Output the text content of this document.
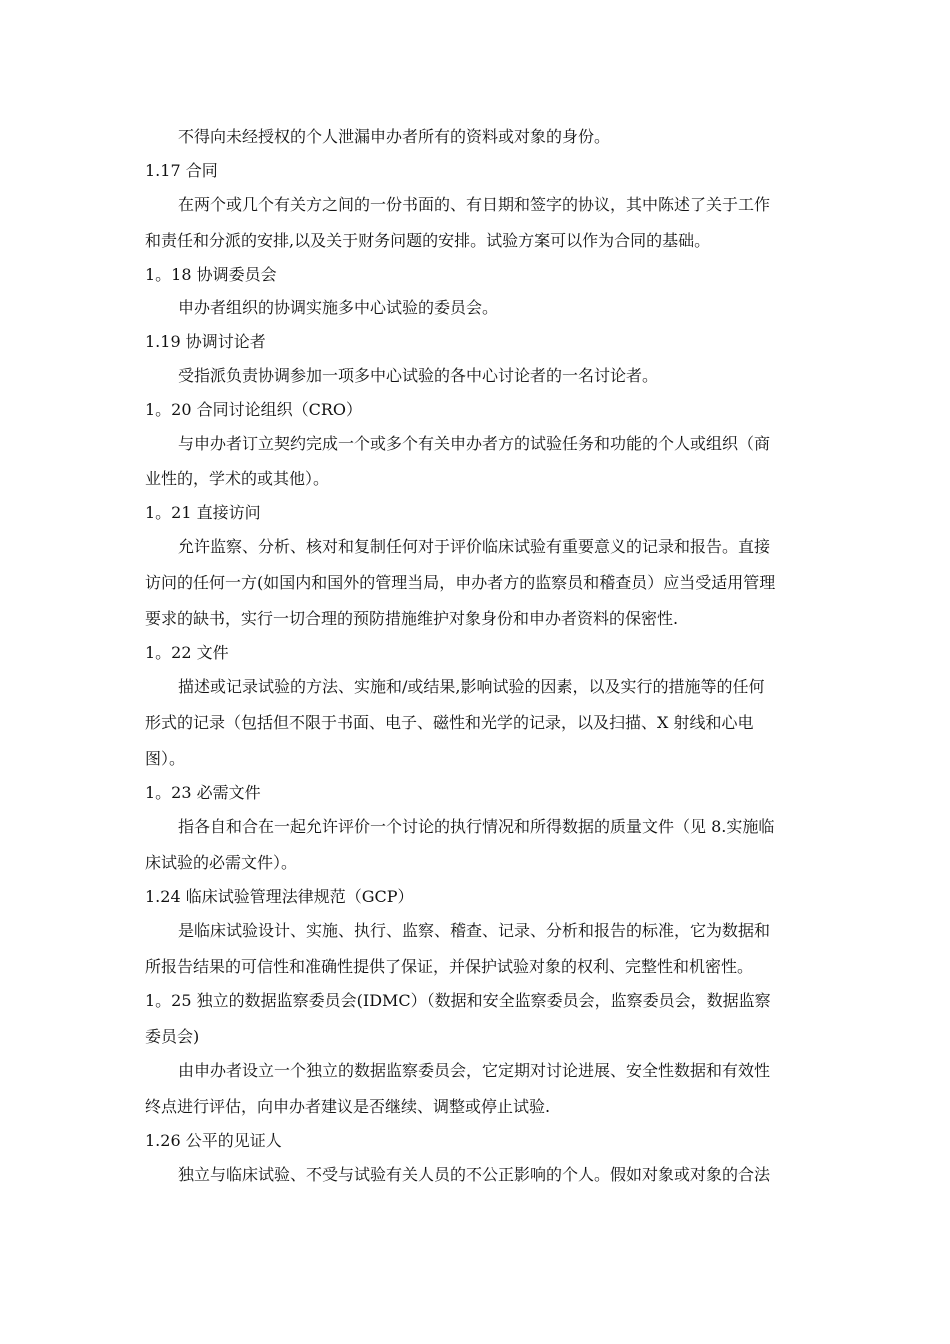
不得向未经授权的个人泄漏申办者所有的资料或对象的身份。
1.17 合同
在两个或几个有关方之间的一份书面的、有日期和签字的协议，其中陈述了关于工作
和责任和分派的安排,以及关于财务问题的安排。试验方案可以作为合同的基础。
1。18 协调委员会
申办者组织的协调实施多中心试验的委员会。
1.19 协调讨论者
受指派负责协调参加一项多中心试验的各中心讨论者的一名讨论者。
1。20 合同讨论组织（CRO）
与申办者订立契约完成一个或多个有关申办者方的试验任务和功能的个人或组织（商
业性的，学术的或其他）。
1。21 直接访问
允许监察、分析、核对和复制任何对于评价临床试验有重要意义的记录和报告。直接
访问的任何一方(如国内和国外的管理当局，申办者方的监察员和稽查员）应当受适用管理
要求的缺书，实行一切合理的预防措施维护对象身份和申办者资料的保密性.
1。22 文件
描述或记录试验的方法、实施和/或结果,影响试验的因素，以及实行的措施等的任何
形式的记录（包括但不限于书面、电子、磁性和光学的记录，以及扫描、X 射线和心电
图）。
1。23 必需文件
指各自和合在一起允许评价一个讨论的执行情况和所得数据的质量文件（见 8.实施临
床试验的必需文件）。
1.24 临床试验管理法律规范（GCP）
是临床试验设计、实施、执行、监察、稽查、记录、分析和报告的标准，它为数据和
所报告结果的可信性和准确性提供了保证，并保护试验对象的权利、完整性和机密性。
1。25 独立的数据监察委员会(IDMC）（数据和安全监察委员会，监察委员会，数据监察
委员会)
由申办者设立一个独立的数据监察委员会，它定期对讨论进展、安全性数据和有效性
终点进行评估，向申办者建议是否继续、调整或停止试验.
1.26 公平的见证人
独立与临床试验、不受与试验有关人员的不公正影响的个人。假如对象或对象的合法
